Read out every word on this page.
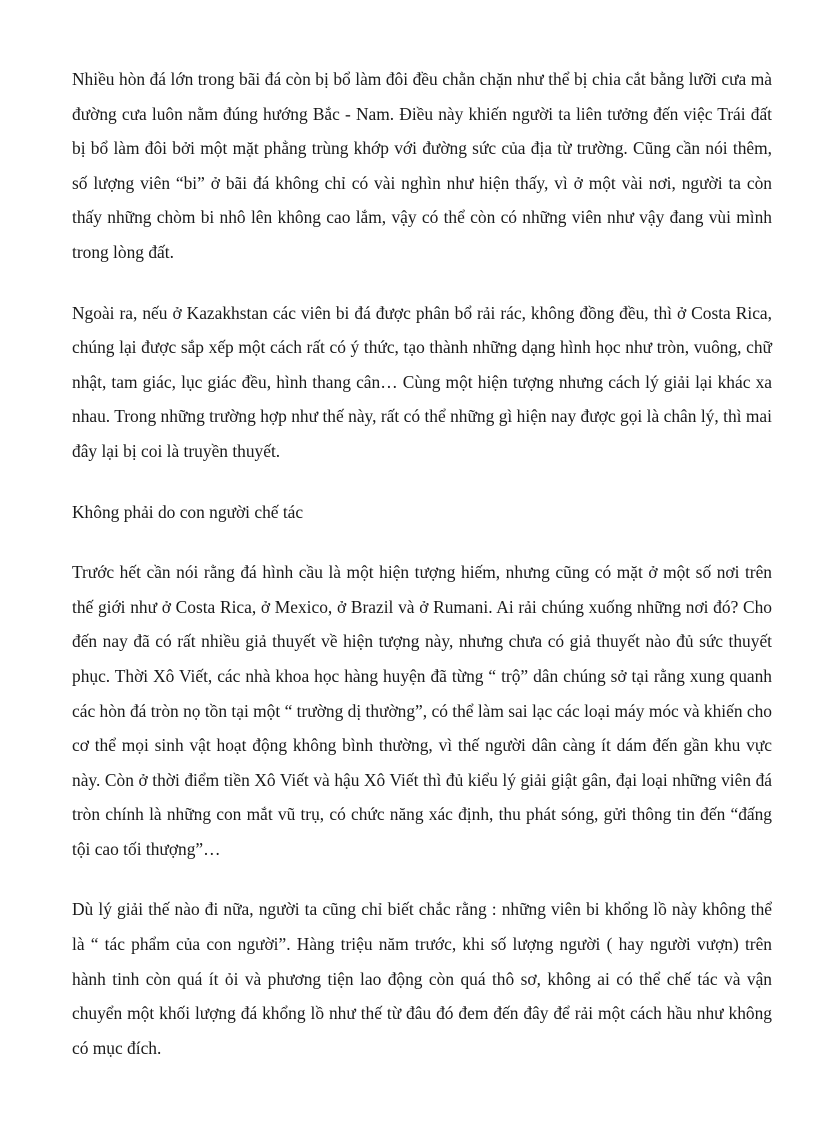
Nhiều hòn đá lớn trong bãi đá còn bị bổ làm đôi đều chằn chặn như thể bị chia cắt bằng lưỡi cưa mà đường cưa luôn nằm đúng hướng Bắc - Nam. Điều này khiến người ta liên tưởng đến việc Trái đất bị bổ làm đôi bởi một mặt phẳng trùng khớp với đường sức của địa từ trường. Cũng cần nói thêm, số lượng viên “bi” ở bãi đá không chỉ có vài nghìn như hiện thấy, vì ở một vài nơi, người ta còn thấy những chòm bi nhô lên không cao lắm, vậy có thể còn có những viên như vậy đang vùi mình trong lòng đất.

Ngoài ra, nếu ở Kazakhstan các viên bi đá được phân bổ rải rác, không đồng đều, thì ở Costa Rica, chúng lại được sắp xếp một cách rất có ý thức, tạo thành những dạng hình học như tròn, vuông, chữ nhật, tam giác, lục giác đều, hình thang cân… Cùng một hiện tượng nhưng cách lý giải lại khác xa nhau. Trong những trường hợp như thế này, rất có thể những gì hiện nay được gọi là chân lý, thì mai đây lại bị coi là truyền thuyết.

Không phải do con người chế tác

Trước hết cần nói rằng đá hình cầu là một hiện tượng hiếm, nhưng cũng có mặt ở một số nơi trên thế giới như ở Costa Rica, ở Mexico, ở Brazil và ở Rumani. Ai rải chúng xuống những nơi đó? Cho đến nay đã có rất nhiều giả thuyết về hiện tượng này, nhưng chưa có giả thuyết nào đủ sức thuyết phục. Thời Xô Viết, các nhà khoa học hàng huyện đã từng “ trộ” dân chúng sở tại rằng xung quanh các hòn đá tròn nọ tồn tại một “ trường dị thường”, có thể làm sai lạc các loại máy móc và khiến cho cơ thể mọi sinh vật hoạt động không bình thường, vì thế người dân càng ít dám đến gần khu vực này. Còn ở thời điểm tiền Xô Viết và hậu Xô Viết thì đủ kiểu lý giải giật gân, đại loại những viên đá tròn chính là những con mắt vũ trụ, có chức năng xác định, thu phát sóng, gửi thông tin đến “đấng tội cao tối thượng”…

Dù lý giải thế nào đi nữa, người ta cũng chỉ biết chắc rằng : những viên bi khổng lồ này không thể là “ tác phẩm của con người”. Hàng triệu năm trước, khi số lượng người ( hay người vượn) trên hành tinh còn quá ít ỏi và phương tiện lao động còn quá thô sơ, không ai có thể chế tác và vận chuyển một khối lượng đá khổng lồ như thế từ đâu đó đem đến đây để rải một cách hầu như không có mục đích.
